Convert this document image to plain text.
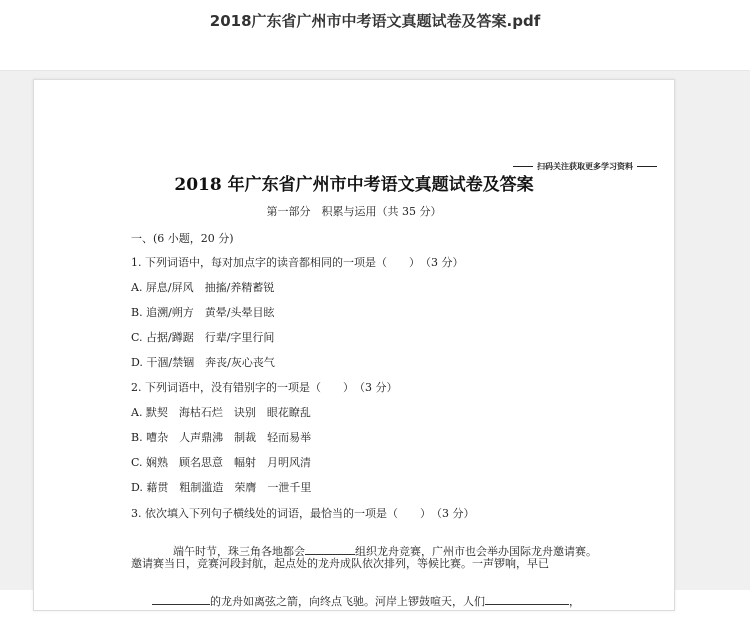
2018广东省广州市中考语文真题试卷及答案.pdf
扫码关注获取更多学习资料
2018 年广东省广州市中考语文真题试卷及答案
第一部分　积累与运用（共 35 分）
一、(6 小题，20 分)
1. 下列词语中，每对加点字的读音都相同的一项是（　　）　（3 分）
A. 屏息/屏风　抽搐/养精蓄锐
B. 追溯/朔方　黄晕/头晕目眩
C. 占据/蹲踞　行辈/字里行间
D. 干涸/禁锢　奔丧/灰心丧气
2. 下列词语中，没有错别字的一项是（　　）　（3 分）
A. 默契　海枯石烂　诀别　眼花瞭乱
B. 嘈杂　人声鼎沸　制裁　轻而易举
C. 娴熟　顾名思意　幅射　月明风清
D. 藉贯　粗制滥造　荣膺　一泄千里
3. 依次填入下列句子横线处的词语，最恰当的一项是（　　）　（3 分）

端午时节，珠三角各地都会	组织龙舟竞赛，广州市也会举办国际龙舟邀请赛。

邀请赛当日，竞赛河段封航，起点处的龙舟成队依次排列，等候比赛。一声锣响，早已

的龙舟如离弦之箭，向终点飞驰。河岸上锣鼓喧天，人们	，
